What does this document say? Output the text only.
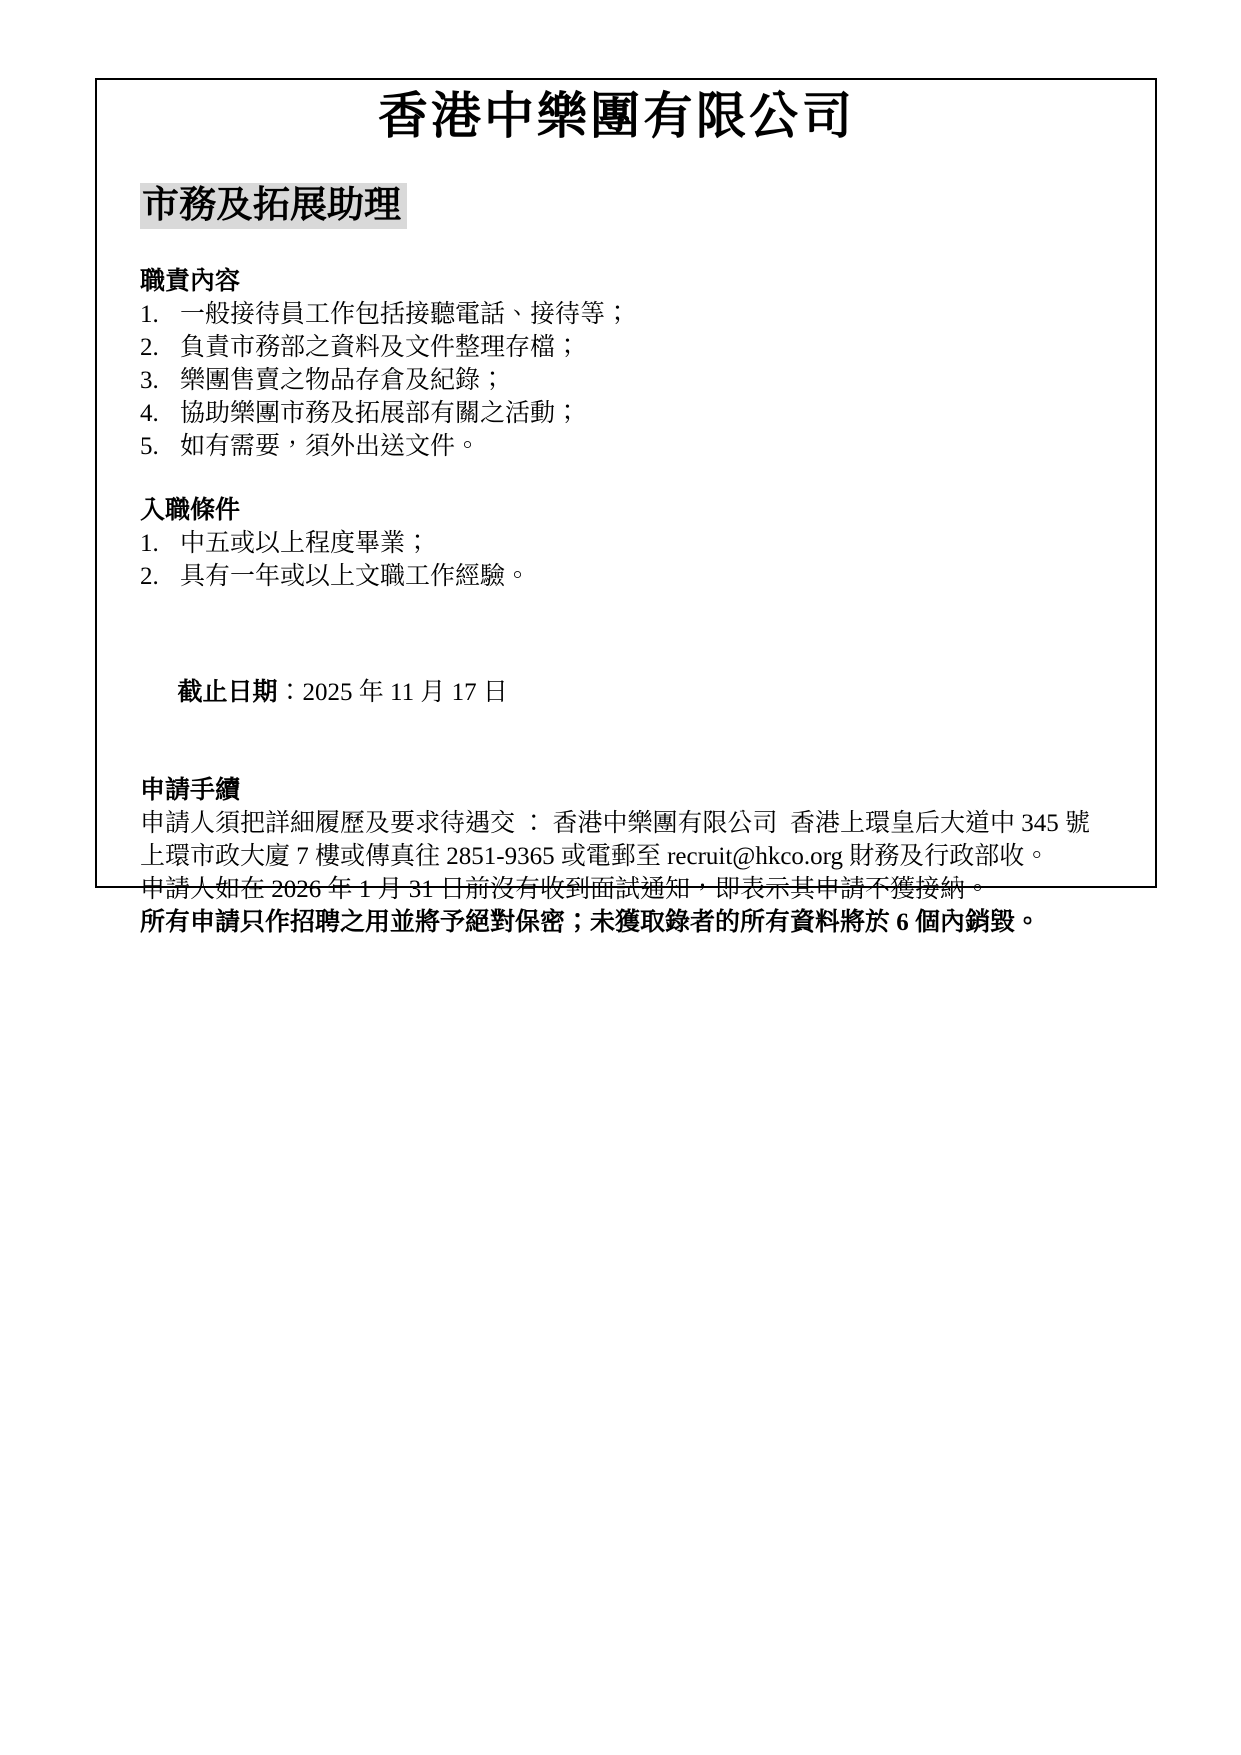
香港中樂團有限公司
市務及拓展助理
職責內容
1. 一般接待員工作包括接聽電話、接待等；
2. 負責市務部之資料及文件整理存檔；
3. 樂團售賣之物品存倉及紀錄；
4. 協助樂團市務及拓展部有關之活動；
5. 如有需要，須外出送文件。
入職條件
1. 中五或以上程度畢業；
2. 具有一年或以上文職工作經驗。

截止日期：2025 年 11 月 17 日

申請手續
申請人須把詳細履歷及要求待遇交 ： 香港中樂團有限公司  香港上環皇后大道中 345 號
上環市政大廈 7 樓或傳真往 2851-9365 或電郵至 recruit@hkco.org 財務及行政部收。
申請人如在 2026 年 1 月 31 日前沒有收到面試通知，即表示其申請不獲接納。
所有申請只作招聘之用並將予絕對保密；未獲取錄者的所有資料將於 6 個內銷毀。
